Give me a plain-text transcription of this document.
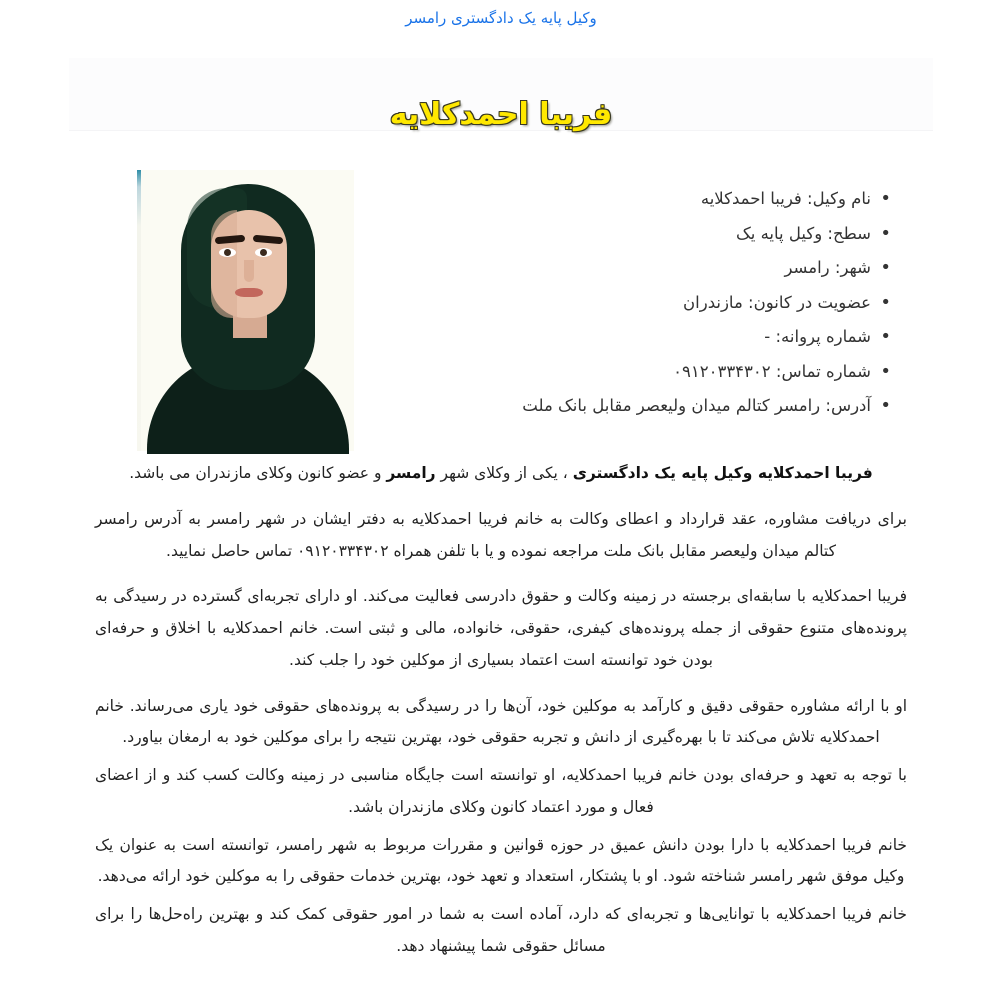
وکیل پایه یک دادگستری رامسر
فریبا احمدکلایه
• نام وکیل: فریبا احمدکلایه
• سطح: وکیل پایه یک
• شهر: رامسر
• عضویت در کانون: مازندران
• شماره پروانه: -
• شماره تماس: ۰۹۱۲۰۳۳۴۳۰۲
• آدرس: رامسر کتالم میدان ولیعصر مقابل بانک ملت

فریبا احمدکلایه وکیل پایه یک دادگستری ، یکی از وکلای شهر رامسر و عضو کانون وکلای مازندران می باشد.

برای دریافت مشاوره، عقد قرارداد و اعطای وکالت به خانم فریبا احمدکلایه به دفتر ایشان در شهر رامسر به آدرس رامسر کتالم میدان ولیعصر مقابل بانک ملت مراجعه نموده و یا با تلفن همراه ۰۹۱۲۰۳۳۴۳۰۲ تماس حاصل نمایید.

فریبا احمدکلایه با سابقه‌ای برجسته در زمینه وکالت و حقوق دادرسی فعالیت می‌کند. او دارای تجربه‌ای گسترده در رسیدگی به پرونده‌های متنوع حقوقی از جمله پرونده‌های کیفری، حقوقی، خانواده، مالی و ثبتی است. خانم احمدکلایه با اخلاق و حرفه‌ای بودن خود توانسته است اعتماد بسیاری از موکلین خود را جلب کند.

او با ارائه مشاوره حقوقی دقیق و کارآمد به موکلین خود، آن‌ها را در رسیدگی به پرونده‌های حقوقی خود یاری می‌رساند. خانم احمدکلایه تلاش می‌کند تا با بهره‌گیری از دانش و تجربه حقوقی خود، بهترین نتیجه را برای موکلین خود به ارمغان بیاورد.

با توجه به تعهد و حرفه‌ای بودن خانم فریبا احمدکلایه، او توانسته است جایگاه مناسبی در زمینه وکالت کسب کند و از اعضای فعال و مورد اعتماد کانون وکلای مازندران باشد.

خانم فریبا احمدکلایه با دارا بودن دانش عمیق در حوزه قوانین و مقررات مربوط به شهر رامسر، توانسته است به عنوان یک وکیل موفق شهر رامسر شناخته شود. او با پشتکار، استعداد و تعهد خود، بهترین خدمات حقوقی را به موکلین خود ارائه می‌دهد.

خانم فریبا احمدکلایه با توانایی‌ها و تجربه‌ای که دارد، آماده است به شما در امور حقوقی کمک کند و بهترین راه‌حل‌ها را برای مسائل حقوقی شما پیشنهاد دهد.
